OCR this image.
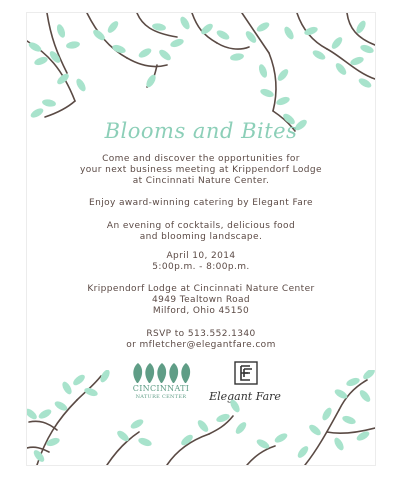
Blooms and Bites
Come and discover the opportunities for
your next business meeting at Krippendorf Lodge
at Cincinnati Nature Center.
Enjoy award-winning catering by Elegant Fare
An evening of cocktails, delicious food
and blooming landscape.
April 10, 2014
5:00p.m. - 8:00p.m.
Krippendorf Lodge at Cincinnati Nature Center
4949 Tealtown Road
Milford, Ohio 45150
RSVP to 513.552.1340
or mfletcher@elegantfare.com
CINCINNATI
NATURE CENTER	Elegant Fare
